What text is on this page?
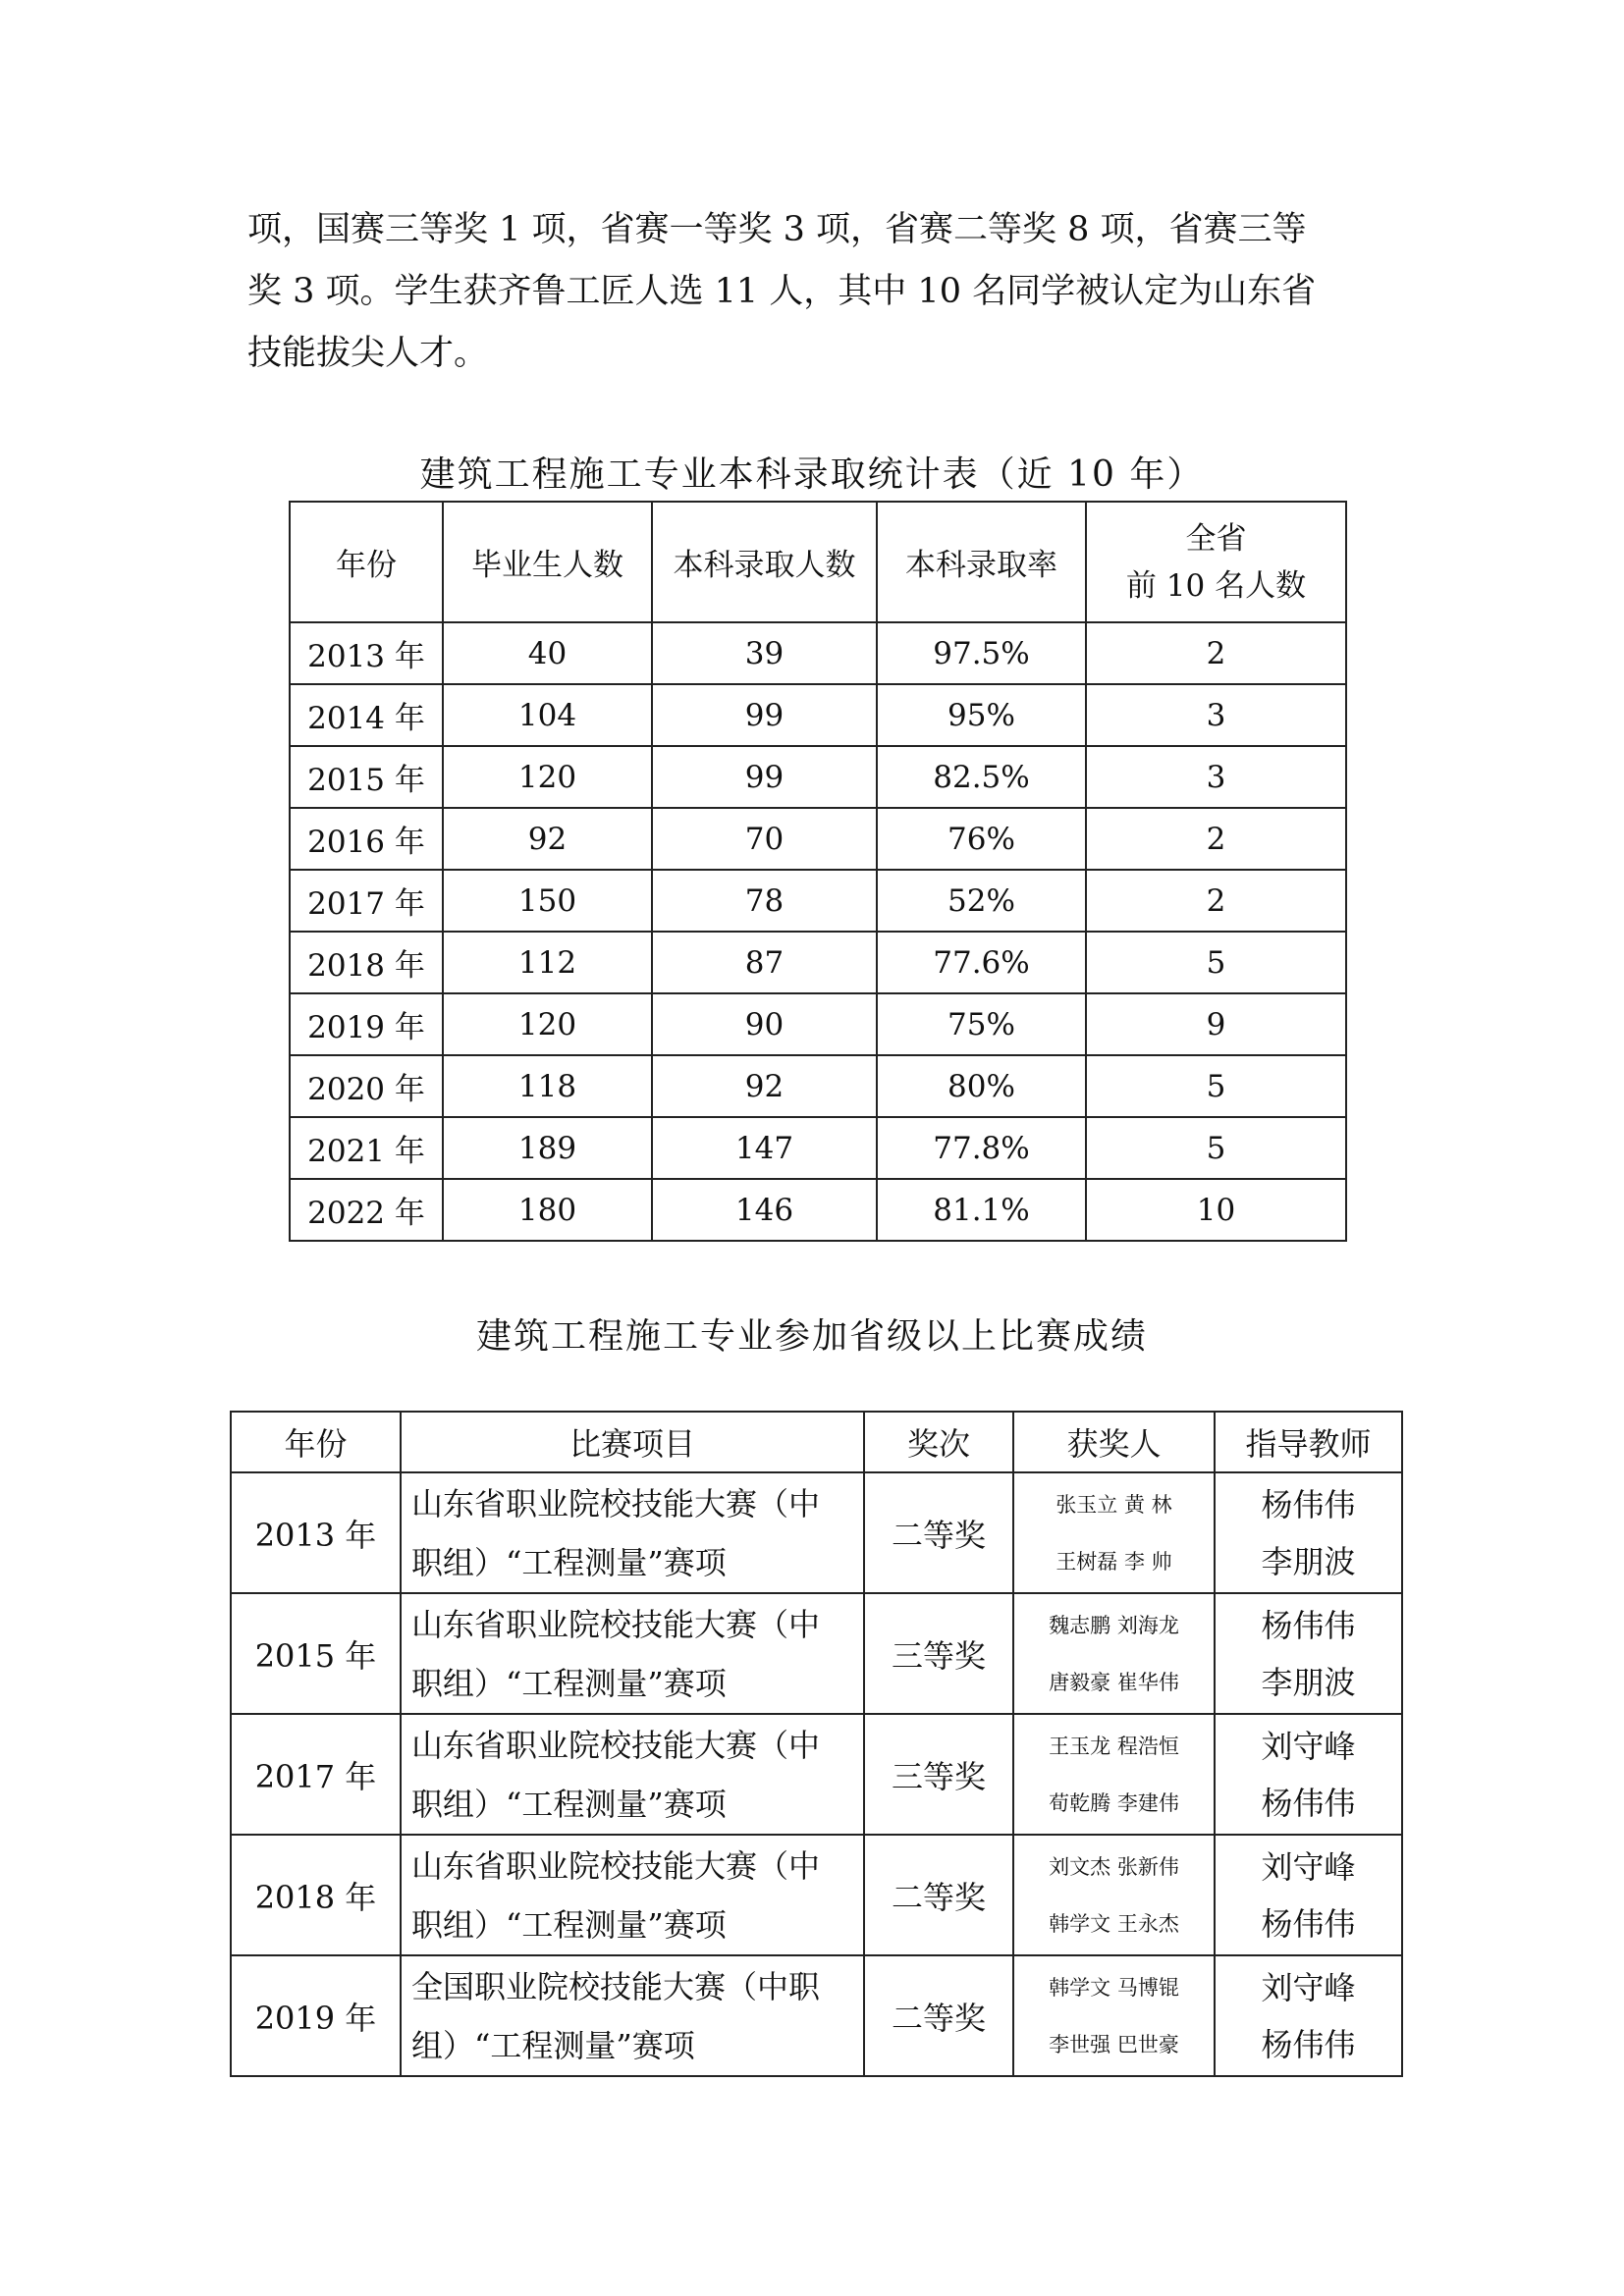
项，国赛三等奖 1 项，省赛一等奖 3 项，省赛二等奖 8 项，省赛三等
奖 3 项。学生获齐鲁工匠人选 11 人，其中 10 名同学被认定为山东省
技能拔尖人才。
建筑工程施工专业本科录取统计表（近 10 年）
年份	毕业生人数	本科录取人数	本科录取率	全省
前 10 名人数

2013 年	40	39	97.5%	2
2014 年	104	99	95%	3
2015 年	120	99	82.5%	3
2016 年	92	70	76%	2
2017 年	150	78	52%	2
2018 年	112	87	77.6%	5
2019 年	120	90	75%	9
2020 年	118	92	80%	5
2021 年	189	147	77.8%	5
2022 年	180	146	81.1%	10
建筑工程施工专业参加省级以上比赛成绩
年份	比赛项目	奖次	获奖人	指导教师
2013 年	山东省职业院校技能大赛（中
职组）“工程测量”赛项	二等奖	张玉立 黄 林
王树磊 李 帅	杨伟伟
李朋波

2015 年	山东省职业院校技能大赛（中
职组）“工程测量”赛项	三等奖	魏志鹏 刘海龙
唐毅豪 崔华伟	杨伟伟
李朋波

2017 年	山东省职业院校技能大赛（中
职组）“工程测量”赛项	三等奖	王玉龙 程浩恒
荀乾腾 李建伟	刘守峰
杨伟伟

2018 年	山东省职业院校技能大赛（中
职组）“工程测量”赛项	二等奖	刘文杰 张新伟
韩学文 王永杰	刘守峰
杨伟伟

2019 年	全国职业院校技能大赛（中职
组）“工程测量”赛项	二等奖	韩学文 马博锟
李世强 巴世豪	刘守峰
杨伟伟
